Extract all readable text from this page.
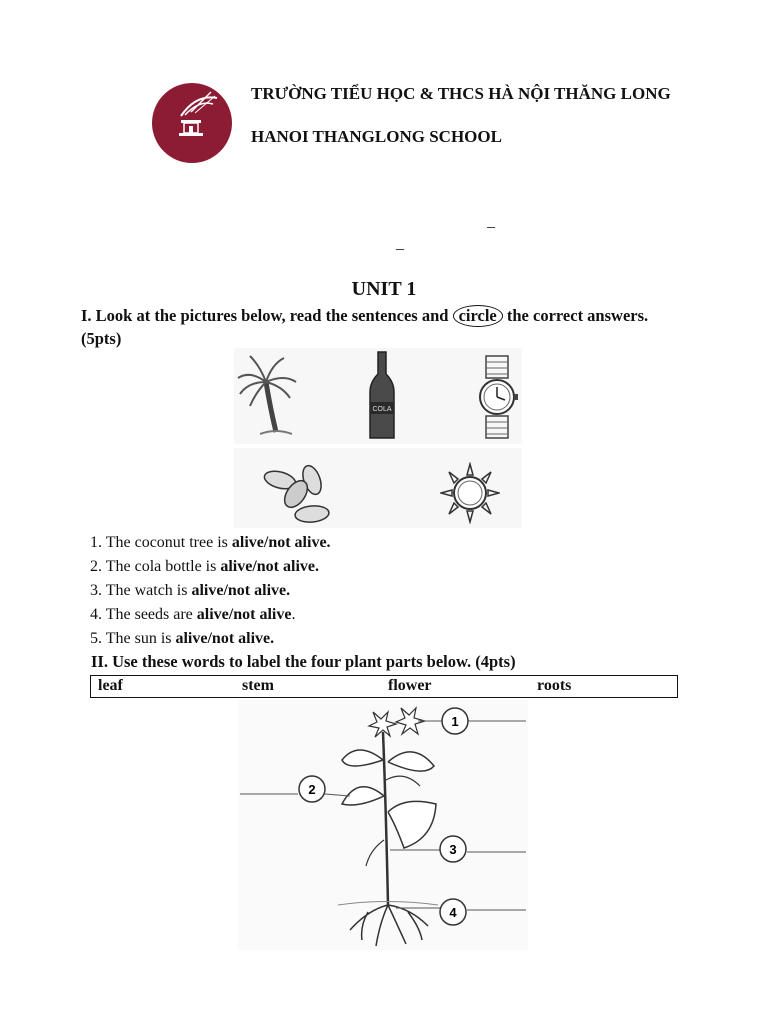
TRƯỜNG TIỂU HỌC & THCS HÀ NỘI THĂNG LONG
HANOI THANGLONG SCHOOL
_
_
UNIT 1
I. Look at the pictures below, read the sentences and circle the correct answers.(5pts)
COLA
1. The coconut tree is alive/not alive.
2. The cola bottle is alive/not alive.
3. The watch is alive/not alive.
4. The seeds are alive/not alive.
5. The sun is alive/not alive.
II. Use these words to label the four plant parts below. (4pts)
leaf	stem	flower	roots
1
2
3
4
